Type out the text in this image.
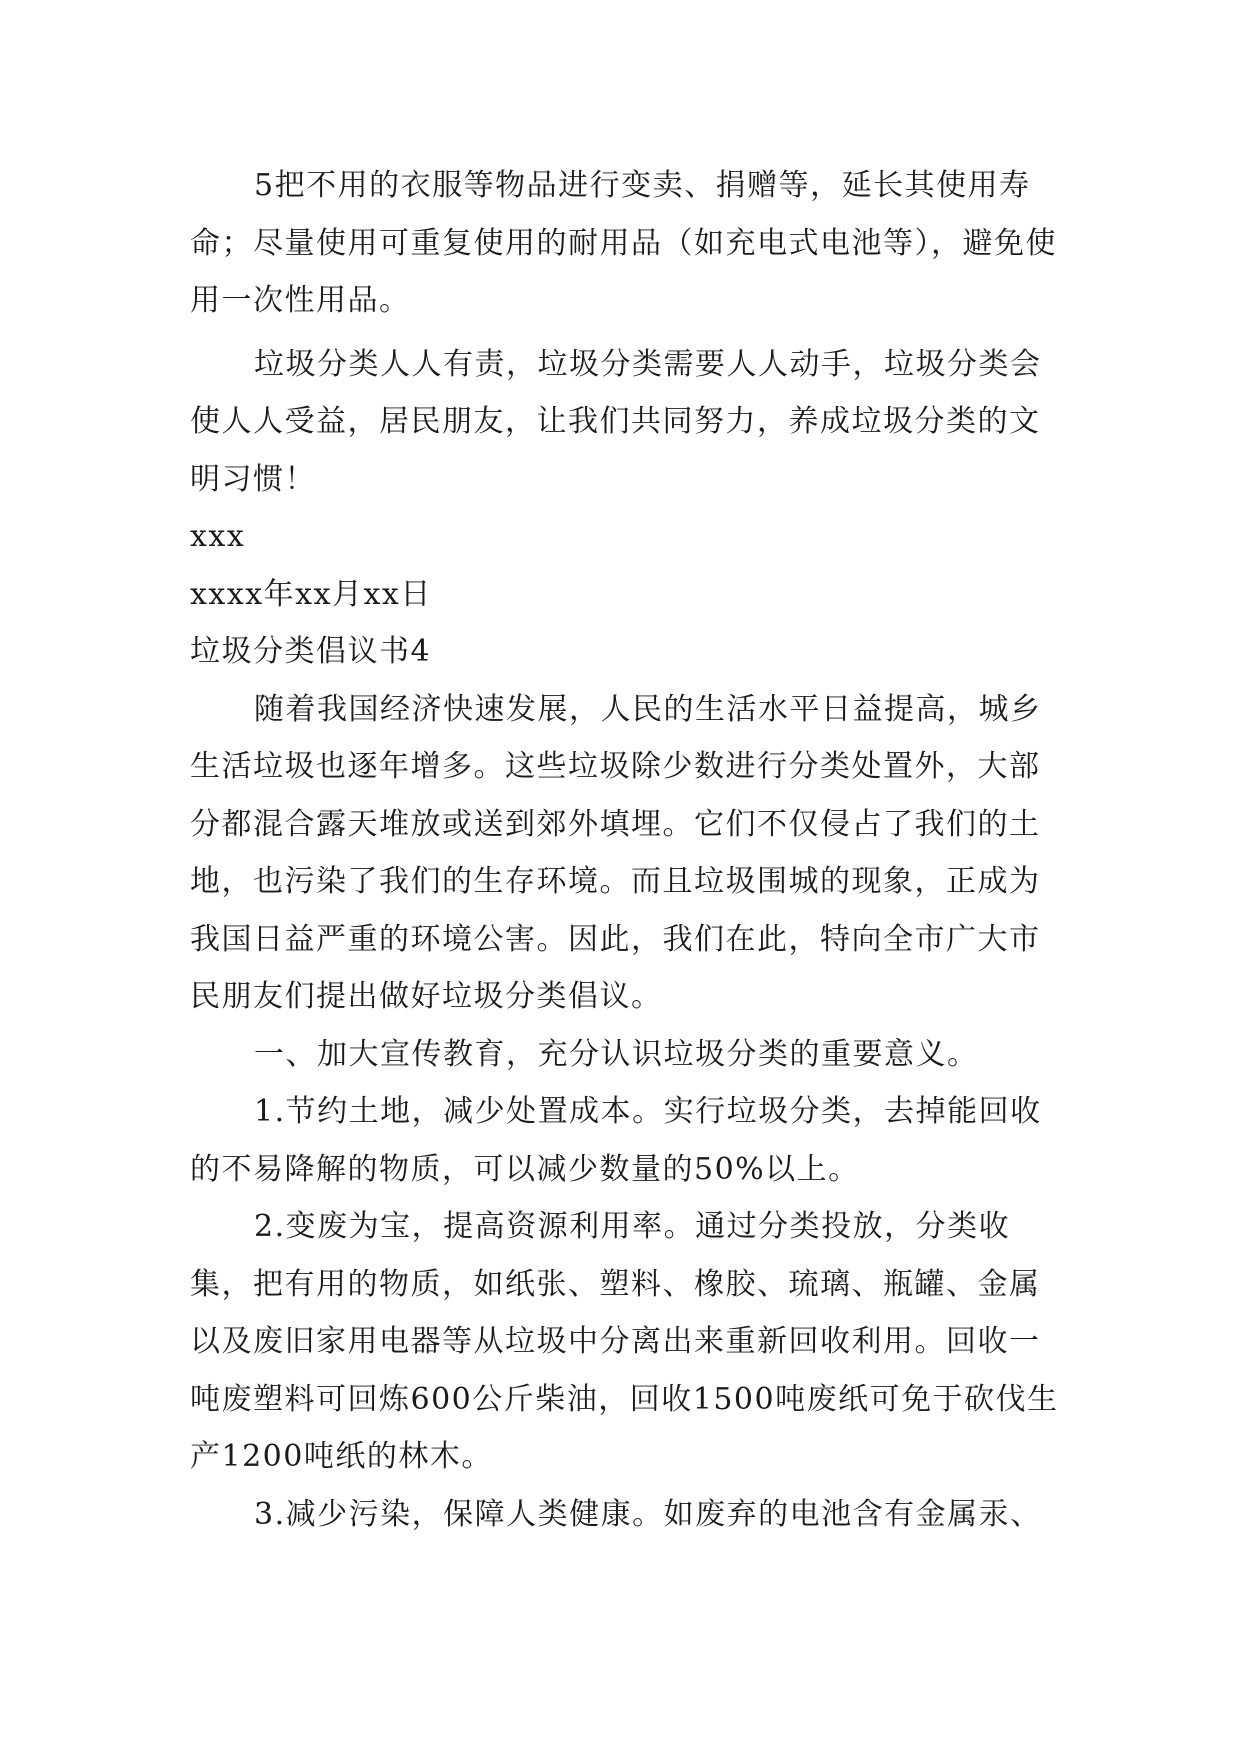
5把不用的衣服等物品进行变卖、捐赠等，延长其使用寿命；尽量使用可重复使用的耐用品（如充电式电池等），避免使用一次性用品。

垃圾分类人人有责，垃圾分类需要人人动手，垃圾分类会使人人受益，居民朋友，让我们共同努力，养成垃圾分类的文明习惯！

xxx

xxxx年xx月xx日

垃圾分类倡议书4

随着我国经济快速发展，人民的生活水平日益提高，城乡生活垃圾也逐年增多。这些垃圾除少数进行分类处置外，大部分都混合露天堆放或送到郊外填埋。它们不仅侵占了我们的土地，也污染了我们的生存环境。而且垃圾围城的现象，正成为我国日益严重的环境公害。因此，我们在此，特向全市广大市民朋友们提出做好垃圾分类倡议。

一、加大宣传教育，充分认识垃圾分类的重要意义。

1.节约土地，减少处置成本。实行垃圾分类，去掉能回收的不易降解的物质，可以减少数量的50%以上。

2.变废为宝，提高资源利用率。通过分类投放，分类收集，把有用的物质，如纸张、塑料、橡胶、琉璃、瓶罐、金属以及废旧家用电器等从垃圾中分离出来重新回收利用。回收一吨废塑料可回炼600公斤柴油，回收1500吨废纸可免于砍伐生产1200吨纸的林木。

3.减少污染，保障人类健康。如废弃的电池含有金属汞、
